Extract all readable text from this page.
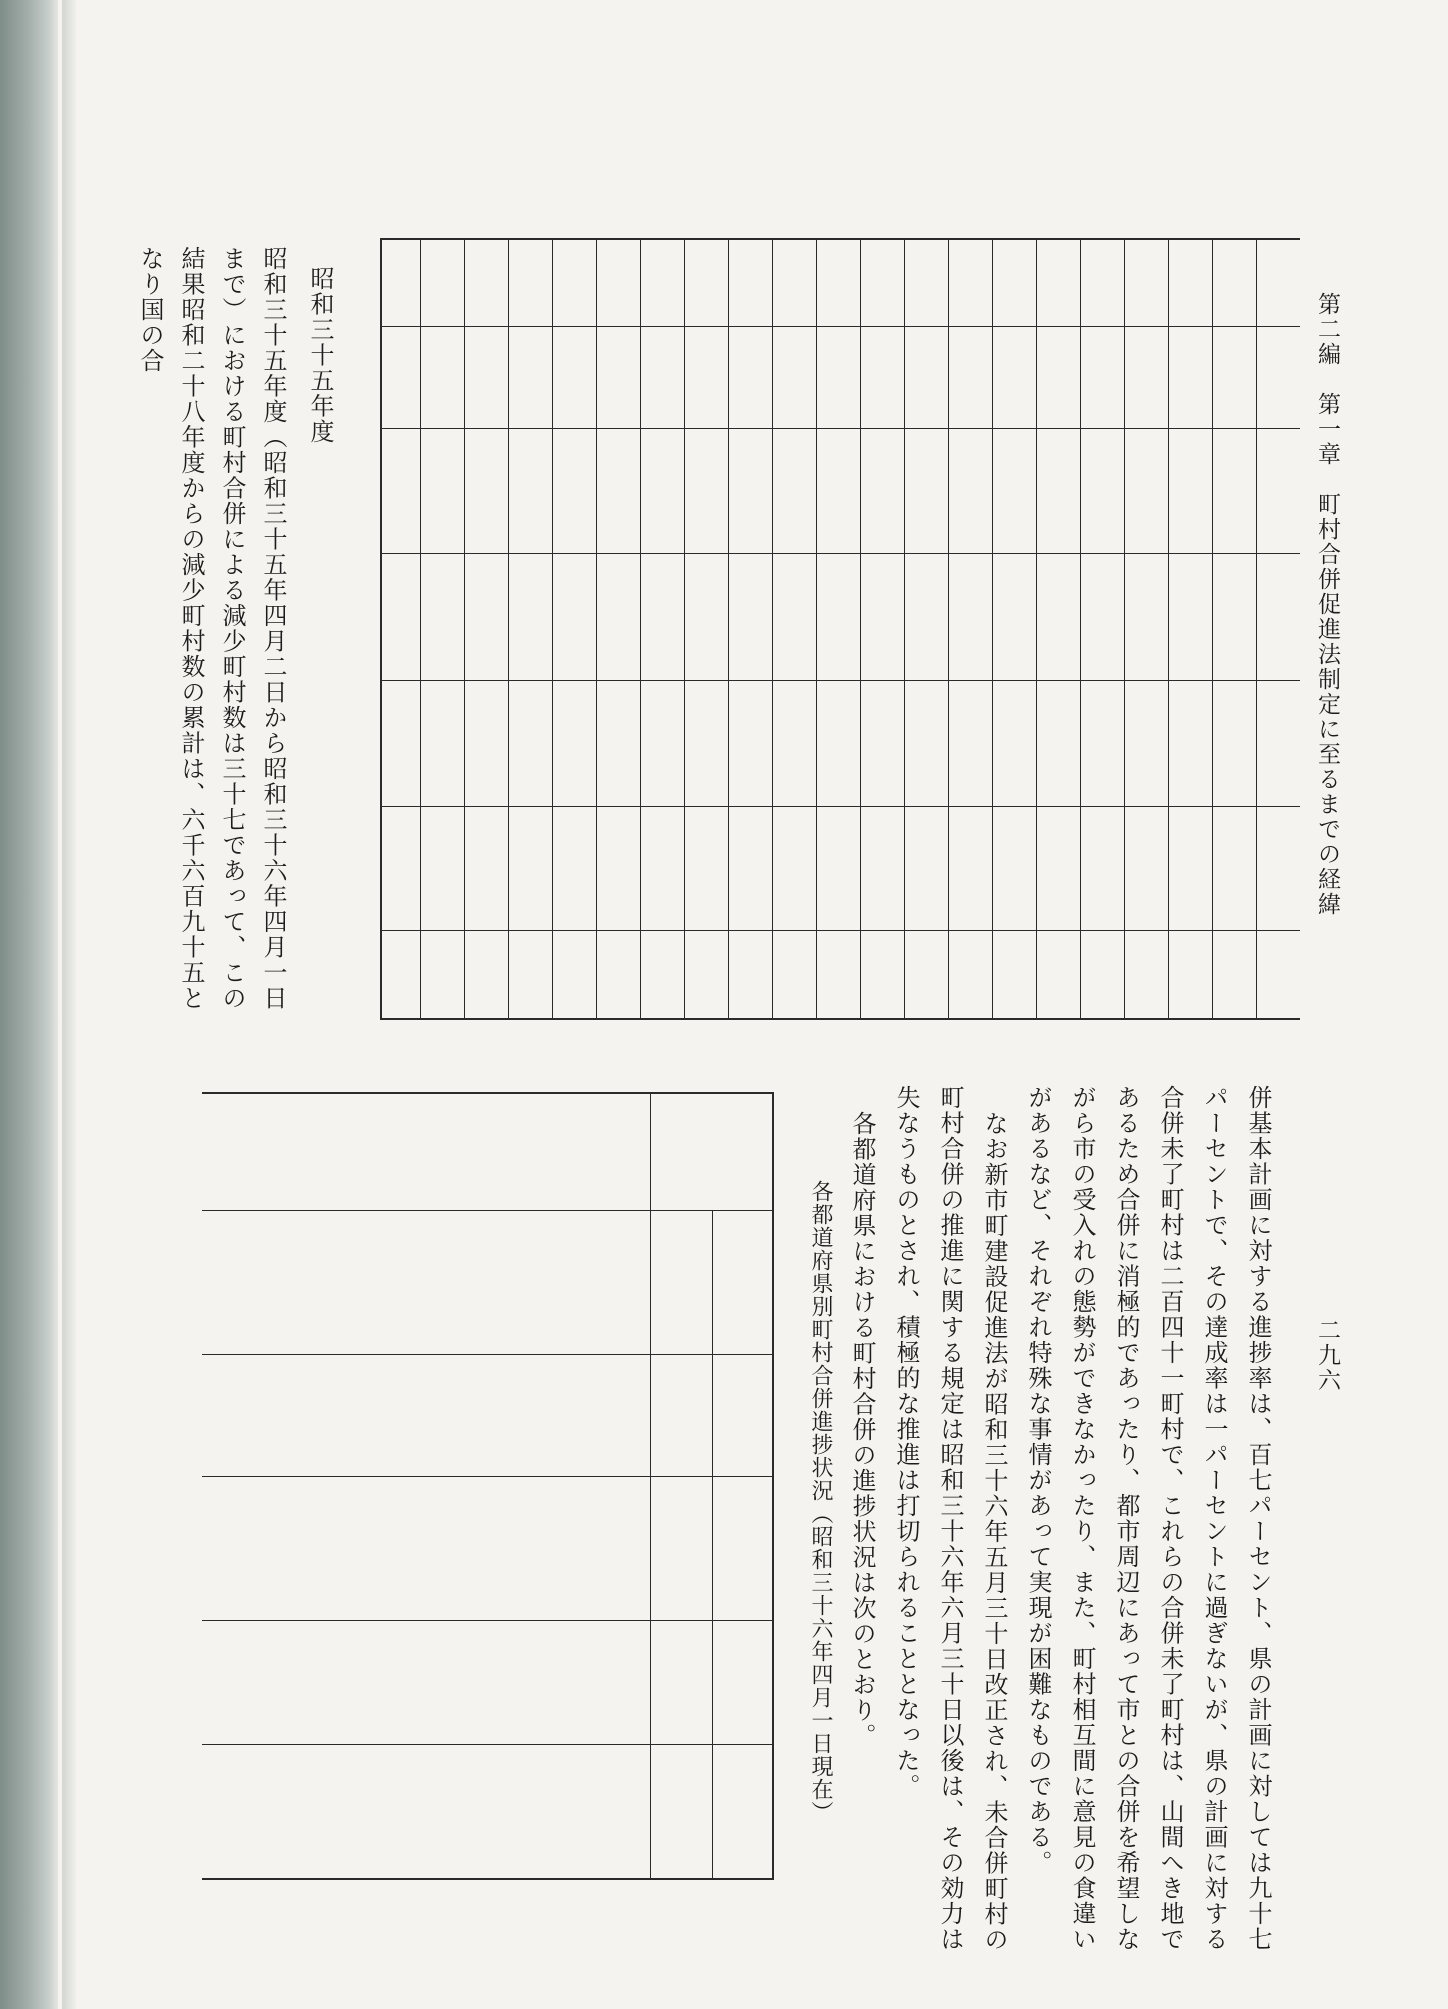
第二編　第一章　町村合併促進法制定に至るまでの経緯
二九六

昭和三十五年度

昭和三十五年度（昭和三十五年四月二日から昭和三十六年四月一日まで）における町村合併による減少町村数は三十七であって、この結果昭和二十八年度からの減少町村数の累計は、六千六百九十五となり国の合

併基本計画に対する進捗率は、百七パーセント、県の計画に対しては九十七パーセントで、その達成率は一パーセントに過ぎないが、県の計画に対する合併未了町村は二百四十一町村で、これらの合併未了町村は、山間へき地であるため合併に消極的であったり、都市周辺にあって市との合併を希望しながら市の受入れの態勢ができなかったり、また、町村相互間に意見の食違いがあるなど、それぞれ特殊な事情があって実現が困難なものである。

なお新市町建設促進法が昭和三十六年五月三十日改正され、未合併町村の町村合併の推進に関する規定は昭和三十六年六月三十日以後は、その効力は失なうものとされ、積極的な推進は打切られることとなった。

各都道府県における町村合併の進捗状況は次のとおり。

各都道府県別町村合併進捗状況（昭和三十六年四月一日現在）
